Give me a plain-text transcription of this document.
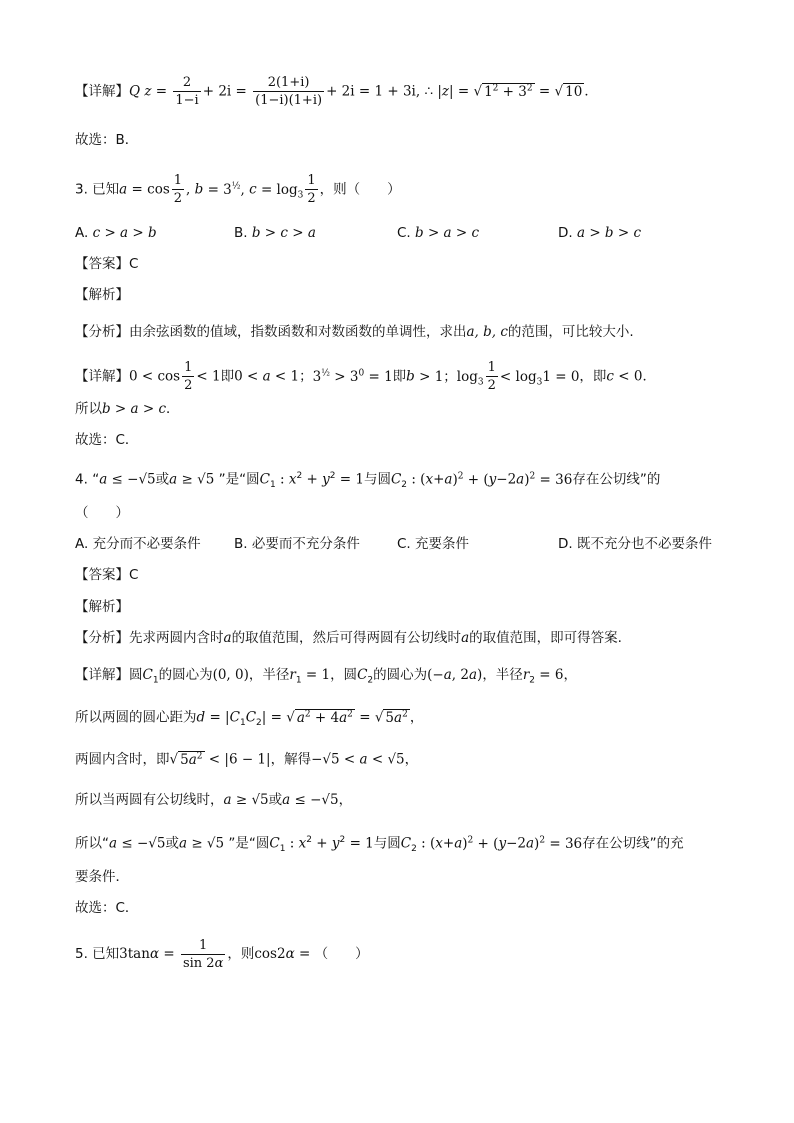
【详解】Q $z = \frac{2}{1-i} + 2i = \frac{2(1+i)}{(1-i)(1+i)} + 2i = 1 + 3i$, ∴ |z| = √ $1^2 + 3^2$ = √ 10 ．
故选：B．
3. 已知$a = \cos \frac{1}{2}$ , $b = 3^{\frac{1}{2}}$, $c = \log_3 \frac{1}{2}$ ，则（　　）
A. c > a > b	B. b > c > a	C. b > a > c	D. a > b > c
【答案】C
【解析】
【分析】由余弦函数的值域，指数函数和对数函数的单调性，求出a, b, c的范围，可比较大小.
【详解】$0 < \cos \frac{1}{2} < 1$即0 < a < 1；$3^{\frac{1}{2}} > 3^0 = 1$即b > 1；$\log_3 \frac{1}{2} < \log_31 = 0$，即c < 0．
所以b > a > c．
故选：C．
4. “a ≤ −√5或a ≥ √5 ”是“圆$C_1$ : $x^2 + y^2 = 1$与圆$C_2$ : $(x+a)^2 + (y-2a)^2 = 36$存在公切线”的
（　　）
A. 充分而不必要条件 B. 必要而不充分条件	C. 充要条件	D. 既不充分也不必要条件
【答案】C
【解析】
【分析】先求两圆内含时a的取值范围，然后可得两圆有公切线时a的取值范围，即可得答案.
【详解】圆$C_1$的圆心为(0, 0)，半径$r_1 = 1$，圆$C_2$的圆心为(−a, 2a)，半径$r_2 = 6$，
所以两圆的圆心距为$d = |C_1C_2|$ = √ $a^2 + 4a^2$ = √ $5a^2$ ，
两圆内含时，即√ $5a^2 < |6 - 1|$，解得−√5 < a < √5，
所以当两圆有公切线时，a ≥ √5或a ≤ −√5，
所以“a ≤ −√5或a ≥ √5 ”是“圆$C_1$ : $x^2 + y^2 = 1$与圆$C_2$ : $(x+a)^2 + (y-2a)^2 = 36$存在公切线”的充
要条件．
故选：C．
5. 已知$3\tan\alpha = \frac{1}{\sin 2\alpha}$ ，则cos2α = （　　）
